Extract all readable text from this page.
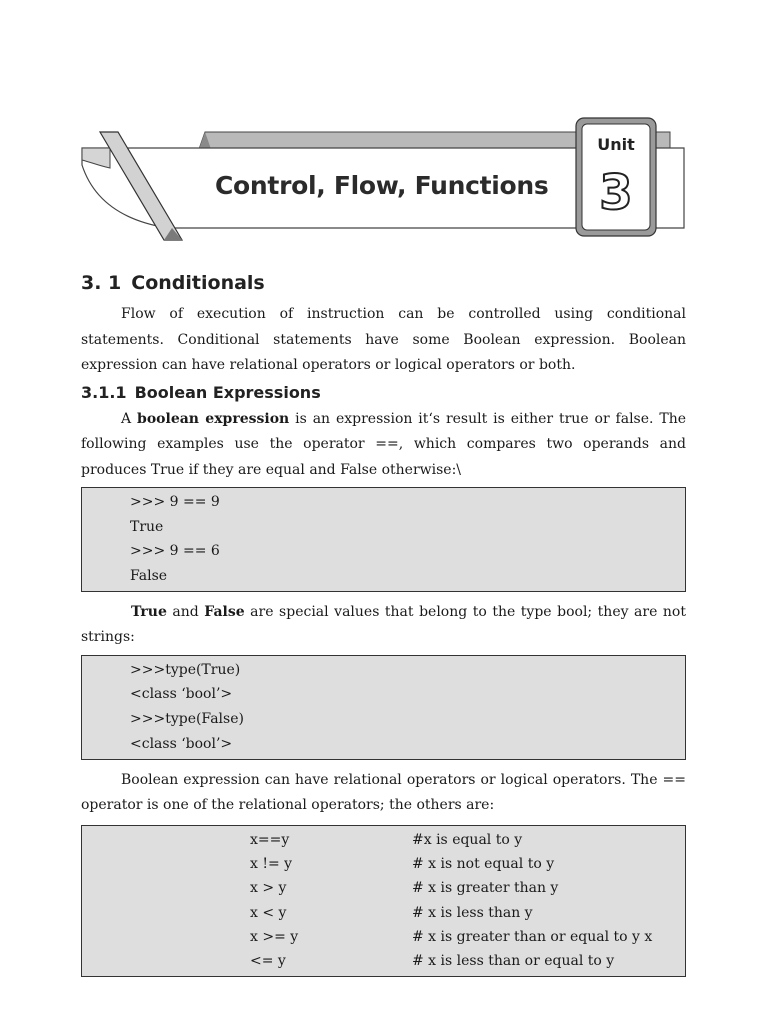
Control, Flow, Functions
Unit
3
3. 1 Conditionals

Flow of execution of instruction can be controlled using conditional statements. Conditional statements have some Boolean expression. Boolean expression can have relational operators or logical operators or both.

3.1.1 Boolean Expressions

A boolean expression is an expression it‘s result is either true or false. The following examples use the operator ==, which compares two operands and produces True if they are equal and False otherwise:\

>>> 9 == 9
True
>>> 9 == 6
False

True and False are special values that belong to the type bool; they are not strings:

>>>type(True)
<class ‘bool’>
>>>type(False)
<class ‘bool’>

Boolean expression can have relational operators or logical operators. The == operator is one of the relational operators; the others are:

x==y	#x is equal to y
x != y	# x is not equal to y
x > y	# x is greater than y
x < y	# x is less than y
x >= y	# x is greater than or equal to y x
<= y	# x is less than or equal to y
